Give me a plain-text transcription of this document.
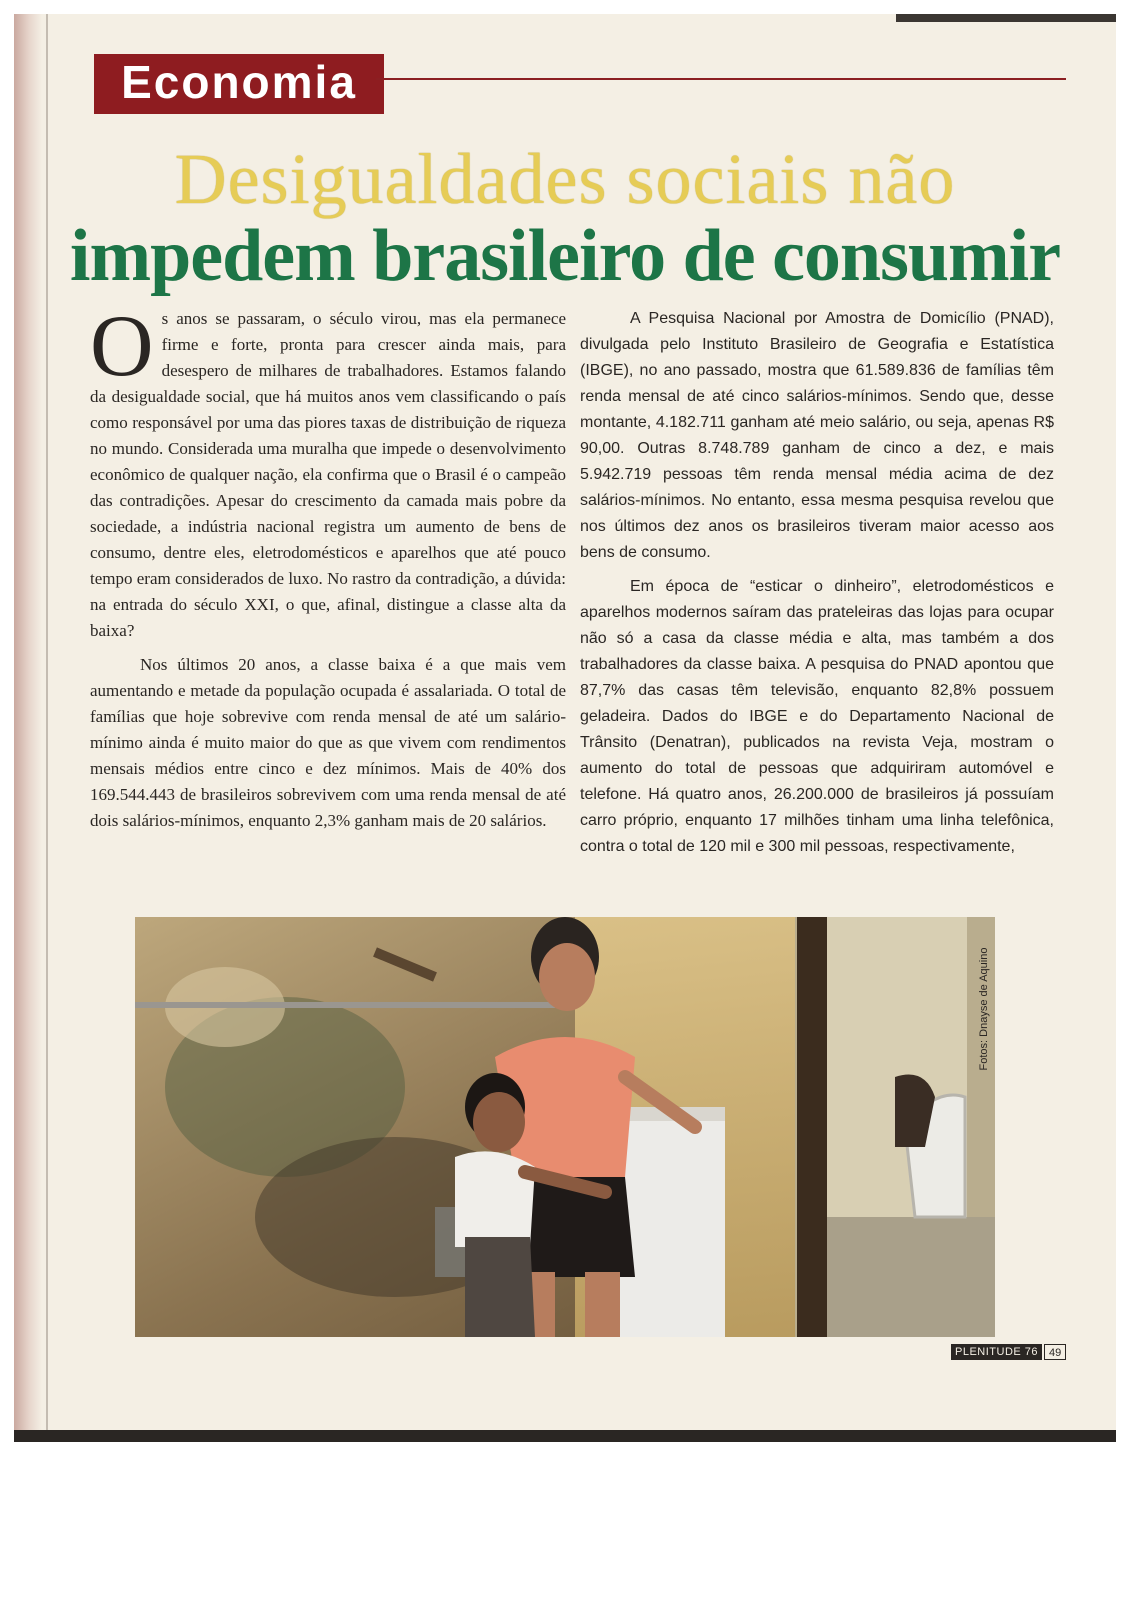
Economia
Desigualdades sociais não
impedem brasileiro de consumir

Os anos se passaram, o século virou, mas ela permanece firme e forte, pronta para crescer ainda mais, para desespero de milhares de trabalhadores. Estamos falando da desigualdade social, que há muitos anos vem classificando o país como responsável por uma das piores taxas de distribuição de riqueza no mundo. Considerada uma muralha que impede o desenvolvimento econômico de qualquer nação, ela confirma que o Brasil é o campeão das contradições. Apesar do crescimento da camada mais pobre da sociedade, a indústria nacional registra um aumento de bens de consumo, dentre eles, eletrodomésticos e aparelhos que até pouco tempo eram considerados de luxo. No rastro da contradição, a dúvida: na entrada do século XXI, o que, afinal, distingue a classe alta da baixa?

Nos últimos 20 anos, a classe baixa é a que mais vem aumentando e metade da população ocupada é assalariada. O total de famílias que hoje sobrevive com renda mensal de até um salário-mínimo ainda é muito maior do que as que vivem com rendimentos mensais médios entre cinco e dez mínimos. Mais de 40% dos 169.544.443 de brasileiros sobrevivem com uma renda mensal de até dois salários-mínimos, enquanto 2,3% ganham mais de 20 salários.

A Pesquisa Nacional por Amostra de Domicílio (PNAD), divulgada pelo Instituto Brasileiro de Geografia e Estatística (IBGE), no ano passado, mostra que 61.589.836 de famílias têm renda mensal de até cinco salários-mínimos. Sendo que, desse montante, 4.182.711 ganham até meio salário, ou seja, apenas R$ 90,00. Outras 8.748.789 ganham de cinco a dez, e mais 5.942.719 pessoas têm renda mensal média acima de dez salários-mínimos. No entanto, essa mesma pesquisa revelou que nos últimos dez anos os brasileiros tiveram maior acesso aos bens de consumo.

Em época de “esticar o dinheiro”, eletrodomésticos e aparelhos modernos saíram das prateleiras das lojas para ocupar não só a casa da classe média e alta, mas também a dos trabalhadores da classe baixa. A pesquisa do PNAD apontou que 87,7% das casas têm televisão, enquanto 82,8% possuem geladeira. Dados do IBGE e do Departamento Nacional de Trânsito (Denatran), publicados na revista Veja, mostram o aumento do total de pessoas que adquiriram automóvel e telefone. Há quatro anos, 26.200.000 de brasileiros já possuíam carro próprio, enquanto 17 milhões tinham uma linha telefônica, contra o total de 120 mil e 300 mil pessoas, respectivamente,

Fotos: Dnayse de Aquino
PLENITUDE 76	49
